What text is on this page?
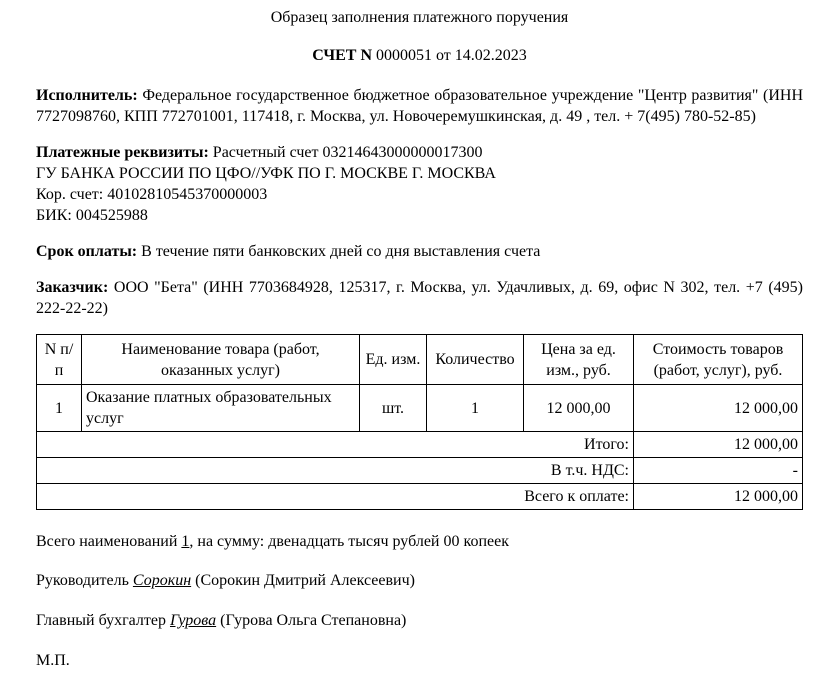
Образец заполнения платежного поручения

СЧЕТ N 0000051 от 14.02.2023

Исполнитель: Федеральное государственное бюджетное образовательное учреждение "Центр развития" (ИНН 7727098760, КПП 772701001, 117418, г. Москва, ул. Новочеремушкинская, д. 49 , тел. + 7(495) 780-52-85)

Платежные реквизиты: Расчетный счет 03214643000000017300
ГУ БАНКА РОССИИ ПО ЦФО//УФК ПО Г. МОСКВЕ Г. МОСКВА
Кор. счет: 40102810545370000003
БИК: 004525988

Срок оплаты: В течение пяти банковских дней со дня выставления счета

Заказчик: ООО "Бета" (ИНН 7703684928, 125317, г. Москва, ул. Удачливых, д. 69, офис N 302, тел. +7 (495) 222-22-22)

N п/п	Наименование товара (работ, оказанных услуг)	Ед. изм.	Количество	Цена за ед. изм., руб.	Стоимость товаров (работ, услуг), руб.
1	Оказание платных образовательных услуг	шт.	1	12 000,00	12 000,00
Итого:					12 000,00
В т.ч. НДС:					-
Всего к оплате:					12 000,00

Всего наименований 1, на сумму: двенадцать тысяч рублей 00 копеек

Руководитель Сорокин (Сорокин Дмитрий Алексеевич)

Главный бухгалтер Гурова (Гурова Ольга Степановна)

М.П.
